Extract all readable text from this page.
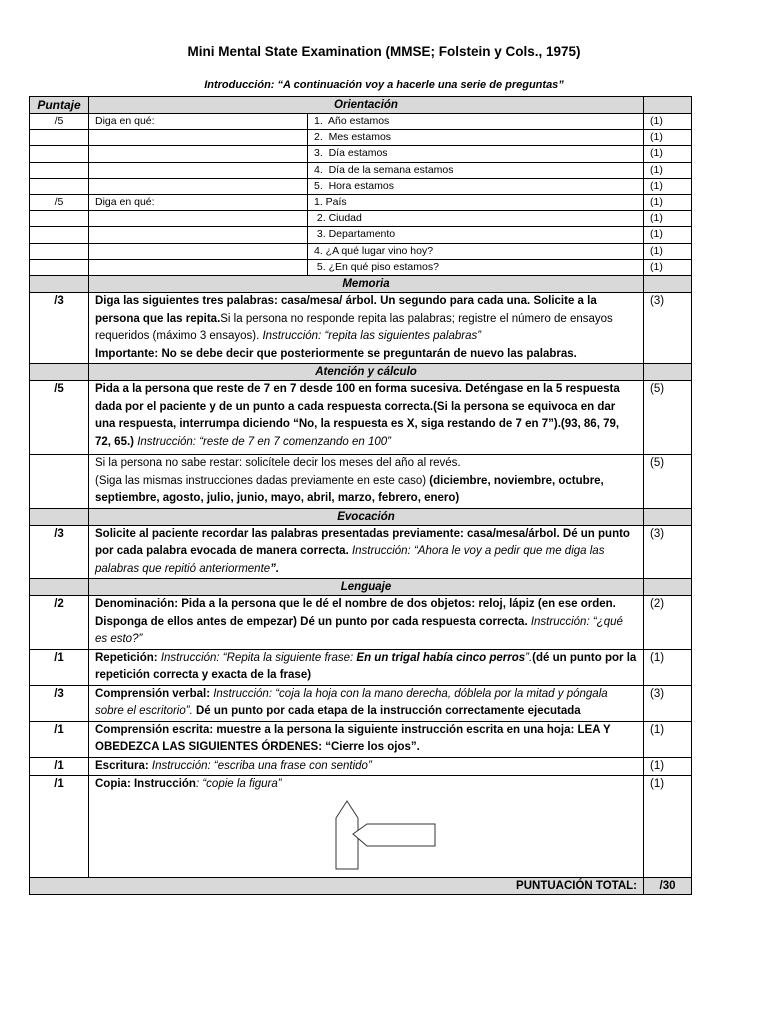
Mini Mental State Examination (MMSE; Folstein y Cols., 1975)
Introducción: “A continuación voy a hacerle una serie de preguntas”
Puntaje	Orientación		
/5	Diga en qué:	1.  Año estamos	(1)
		2.  Mes estamos	(1)
		3.  Día estamos	(1)
		4.  Día de la semana estamos	(1)
		5.  Hora estamos	(1)
/5	Diga en qué:	1. País	(1)
		2. Ciudad	(1)
		3. Departamento	(1)
		4. ¿A qué lugar vino hoy?	(1)
		5. ¿En qué piso estamos?	(1)
	Memoria		
/3	Diga las siguientes tres palabras: casa/mesa/ árbol. Un segundo para cada una. Solicite a la persona que las repita.Si la persona no responde repita las palabras; registre el número de ensayos requeridos (máximo 3 ensayos). Instrucción: “repita las siguientes palabras”
Importante: No se debe decir que posteriormente se preguntarán de nuevo las palabras.		(3)
	Atención y cálculo		
/5	Pida a la persona que reste de 7 en 7 desde 100 en forma sucesiva. Deténgase en la 5 respuesta dada por el paciente y de un punto a cada respuesta correcta.(Si la persona se equivoca en dar una respuesta, interrumpa diciendo “No, la respuesta es X, siga restando de 7 en 7”).(93, 86, 79, 72, 65.) Instrucción: “reste de 7 en 7 comenzando en 100”		(5)
	Si la persona no sabe restar: solicítele decir los meses del año al revés.
(Siga las mismas instrucciones dadas previamente en este caso) (diciembre, noviembre, octubre, septiembre, agosto, julio, junio, mayo, abril, marzo, febrero, enero)		(5)
	Evocación		
/3	Solicite al paciente recordar las palabras presentadas previamente: casa/mesa/árbol. Dé un punto por cada palabra evocada de manera correcta. Instrucción: “Ahora le voy a pedir que me diga las palabras que repitió anteriormente”.		(3)
	Lenguaje		
/2	Denominación: Pida a la persona que le dé el nombre de dos objetos: reloj, lápiz (en ese orden. Disponga de ellos antes de empezar) Dé un punto por cada respuesta correcta. Instrucción: “¿qué es esto?”		(2)
/1	Repetición: Instrucción: “Repita la siguiente frase: En un trigal había cinco perros”.(dé un punto por la repetición correcta y exacta de la frase)		(1)
/3	Comprensión verbal: Instrucción: “coja la hoja con la mano derecha, dóblela por la mitad y póngala sobre el escritorio”. Dé un punto por cada etapa de la instrucción correctamente ejecutada		(3)
/1	Comprensión escrita: muestre a la persona la siguiente instrucción escrita en una hoja: LEA Y OBEDEZCA LAS SIGUIENTES ÓRDENES: “Cierre los ojos”.		(1)
/1	Escritura: Instrucción: “escriba una frase con sentido”		(1)
/1	Copia: Instrucción: “copie la figura”		(1)
PUNTUACIÓN TOTAL:			/30
